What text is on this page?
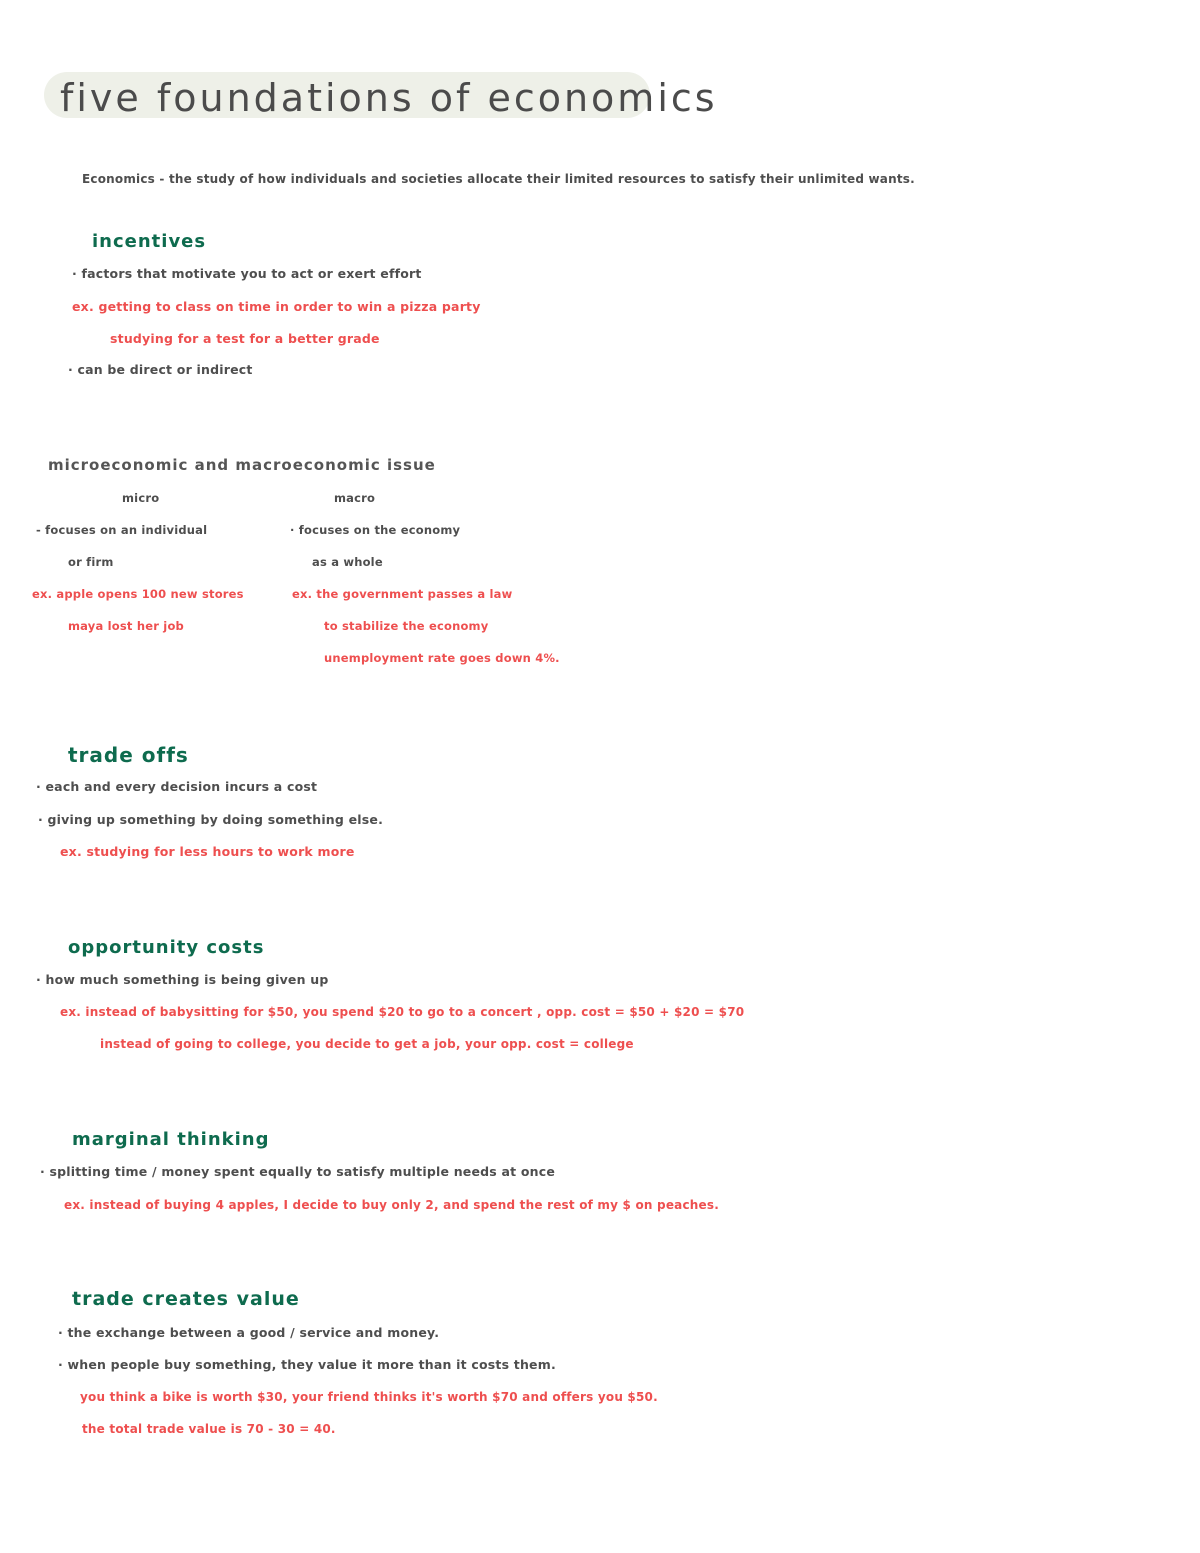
five foundations of economics
Economics - the study of how individuals and societies allocate their limited resources to satisfy their unlimited wants.
incentives
· factors that motivate you to act or exert effort
ex. getting to class on time in order to win a pizza party
studying for a test for a better grade
· can be direct or indirect
microeconomic and macroeconomic issue
micro	macro
- focuses on an individual
or firm
ex. apple opens 100 new stores
maya lost her job
· focuses on the economy
as a whole
ex. the government passes a law
to stabilize the economy
unemployment rate goes down 4%.
trade offs
· each and every decision incurs a cost
· giving up something by doing something else.
ex. studying for less hours to work more
opportunity costs
· how much something is being given up
ex. instead of babysitting for $50, you spend $20 to go to a concert , opp. cost = $50 + $20 = $70
instead of going to college, you decide to get a job, your opp. cost = college
marginal thinking
· splitting time / money spent equally to satisfy multiple needs at once
ex. instead of buying 4 apples, I decide to buy only 2, and spend the rest of my $ on peaches.
trade creates value
· the exchange between a good / service and money.
· when people buy something, they value it more than it costs them.
you think a bike is worth $30, your friend thinks it's worth $70 and offers you $50.
the total trade value is 70 - 30 = 40.
